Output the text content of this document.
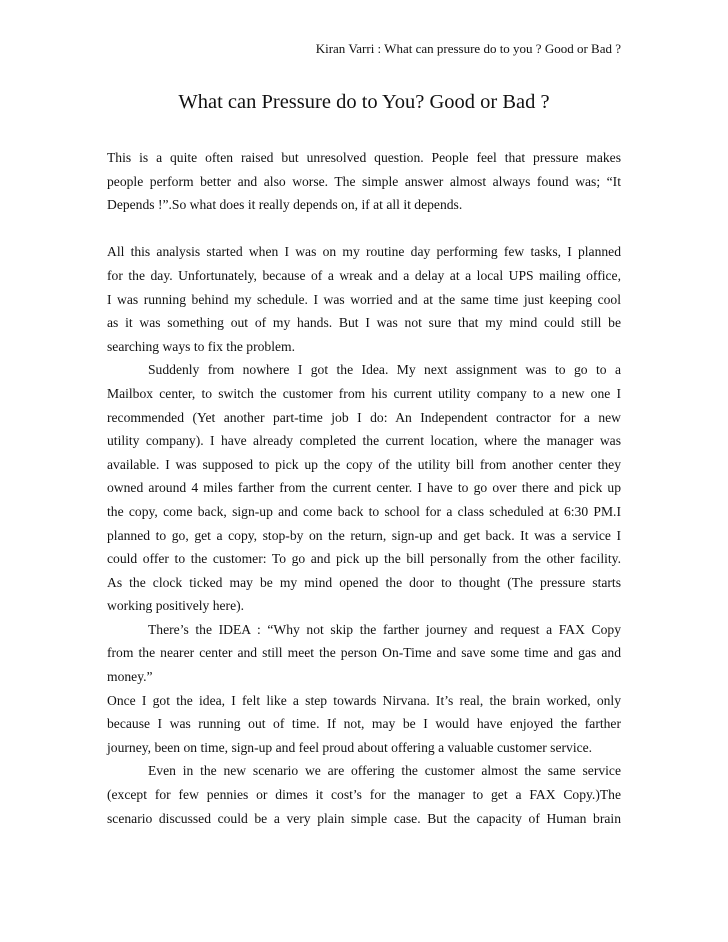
Kiran Varri : What can pressure do to you ? Good or Bad ?
What can Pressure do to You? Good or Bad ?
This is a quite often raised but unresolved question. People feel that pressure makes
people perform better and also worse. The simple answer almost always found was; “It
Depends !”.So what does it really depends on, if at all it depends.
All this analysis started when I was on my routine day performing few tasks, I planned
for the day. Unfortunately, because of a wreak and a delay at a local UPS mailing office,
I was running behind my schedule. I was worried and at the same time just keeping cool
as it was something out of my hands. But I was not sure that my mind could still be
searching ways to fix the problem.
Suddenly from nowhere I got the Idea. My next assignment was to go to a
Mailbox center, to switch the customer from his current utility company to a new one I
recommended (Yet another part-time job I do: An Independent contractor for a new
utility company). I have already completed the current location, where the manager was
available. I was supposed to pick up the copy of the utility bill from another center they
owned around 4 miles farther from the current center. I have to go over there and pick up
the copy, come back, sign-up and come back to school for a class scheduled at 6:30 PM.I
planned to go, get a copy, stop-by on the return, sign-up and get back. It was a service I
could offer to the customer: To go and pick up the bill personally from the other facility.
As the clock ticked may be my mind opened the door to thought (The pressure starts
working positively here).
There’s the IDEA : “Why not skip the farther journey and request a FAX Copy
from the nearer center and still meet the person On-Time and save some time and gas and
money.”
Once I got the idea, I felt like a step towards Nirvana. It’s real, the brain worked, only
because I was running out of time. If not, may be I would have enjoyed the farther
journey, been on time, sign-up and feel proud about offering a valuable customer service.
Even in the new scenario we are offering the customer almost the same service
(except for few pennies or dimes it cost’s for the manager to get a FAX Copy.)The
scenario discussed could be a very plain simple case. But the capacity of Human brain
